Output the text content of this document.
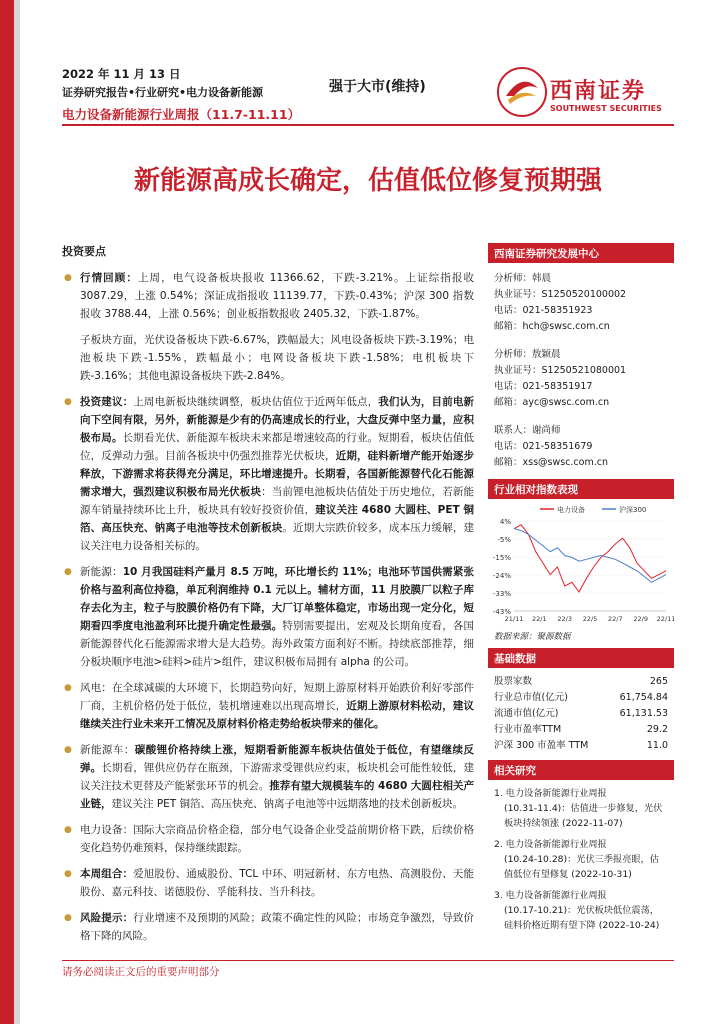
2022 年 11 月 13 日
证券研究报告•行业研究•电力设备新能源
电力设备新能源行业周报（11.7-11.11）
强于大市(维持)	西南证券
SOUTHWEST SECURITIES
新能源高成长确定，估值低位修复预期强
投资要点
● 行情回顾：上周，电气设备板块报收 11366.62，下跌-3.21%。上证综指报收 3087.29，上涨 0.54%；深证成指报收 11139.77，下跌-0.43%；沪深 300 指数报收 3788.44，上涨 0.56%；创业板指数报收 2405.32，下跌-1.87%。
子板块方面，光伏设备板块下跌-6.67%，跌幅最大；风电设备板块下跌-3.19%；电池板块下跌-1.55%，跌幅最小；电网设备板块下跌-1.58%；电机板块下跌-3.16%；其他电源设备板块下跌-2.84%。
● 投资建议：上周电新板块继续调整，板块估值位于近两年低点，我们认为，目前电新向下空间有限，另外，新能源是少有的仍高速成长的行业，大盘反弹中坚力量，应积极布局。长期看光伏、新能源车板块未来都是增速较高的行业。短期看，板块估值低位，反弹动力强。目前各板块中仍强烈推荐光伏板块，近期，硅料新增产能开始逐步释放，下游需求将获得充分满足，环比增速提升。长期看，各国新能源替代化石能源需求增大，强烈建议积极布局光伏板块：当前锂电池板块估值处于历史地位，若新能源车销量持续环比上升，板块具有较好投资价值，建议关注 4680 大圆柱、PET 铜箔、高压快充、钠离子电池等技术创新板块。近期大宗跌价较多，成本压力缓解，建议关注电力设备相关标的。
● 新能源：10 月我国硅料产量月 8.5 万吨，环比增长约 11%；电池环节国供需紧张价格与盈利高位持稳，单瓦利润维持 0.1 元以上。辅材方面，11 月胶膜厂以粒子库存去化为主，粒子与胶膜价格仍有下降，大厂订单整体稳定，市场出现一定分化，短期看四季度电池盈利环比提升确定性最强。特别需要提出，宏观及长期角度看，各国新能源替代化石能源需求增大是大趋势。海外政策方面利好不断。持续底部推荐，细分板块顺序电池>硅料>硅片>组件，建议积极布局拥有 alpha 的公司。
● 风电：在全球减碳的大环境下，长期趋势向好，短期上游原材料开始跌价利好零部件厂商，主机价格仍处于低位，装机增速难以出现高增长，近期上游原材料松动，建议继续关注行业未来开工情况及原材料价格走势给板块带来的催化。
● 新能源车：碳酸锂价格持续上涨，短期看新能源车板块估值处于低位，有望继续反弹。长期看，锂供应仍存在瓶颈，下游需求受锂供应约束，板块机会可能性较低，建议关注技术更替及产能紧张环节的机会。推荐有望大规模装车的 4680 大圆柱相关产业链，建议关注 PET 铜箔、高压快充、钠离子电池等中远期落地的技术创新板块。
● 电力设备：国际大宗商品价格企稳，部分电气设备企业受益前期价格下跌，后续价格变化趋势仍难预料，保持继续跟踪。
● 本周组合：爱旭股份、通威股份、TCL 中环、明冠新材、东方电热、高测股份、天能股份、嘉元科技、诺德股份、孚能科技、当升科技。
● 风险提示：行业增速不及预期的风险；政策不确定性的风险；市场竞争激烈，导致价格下降的风险。
西南证券研究发展中心
分析师：韩晨
执业证号：S1250520100002
电话：021-58351923
邮箱：hch@swsc.com.cn
分析师：敖颖晨
执业证号：S1250521080001
电话：021-58351917
邮箱：ayc@swsc.com.cn
联系人：谢尚师
电话：021-58351679
邮箱：xss@swsc.com.cn
行业相对指数表现
4%
-5%
-15%
-24%
-33%
-43%
21/11 22/1 22/3 22/5 22/7 22/9 22/11
电力设备	沪深300
数据来源：聚源数据
基础数据
股票家数	265
行业总市值(亿元)	61,754.84
流通市值(亿元)	61,131.53
行业市盈率TTM	29.2
沪深 300 市盈率 TTM	11.0
相关研究
1. 电力设备新能源行业周报
(10.31-11.4)：估值进一步修复，光伏板块持续领涨 (2022-11-07)
2. 电力设备新能源行业周报
(10.24-10.28)：光伏三季报亮眼，估值低位有望修复 (2022-10-31)
3. 电力设备新能源行业周报
(10.17-10.21)：光伏板块低位震荡，硅料价格近期有望下降 (2022-10-24)
请务必阅读正文后的重要声明部分
